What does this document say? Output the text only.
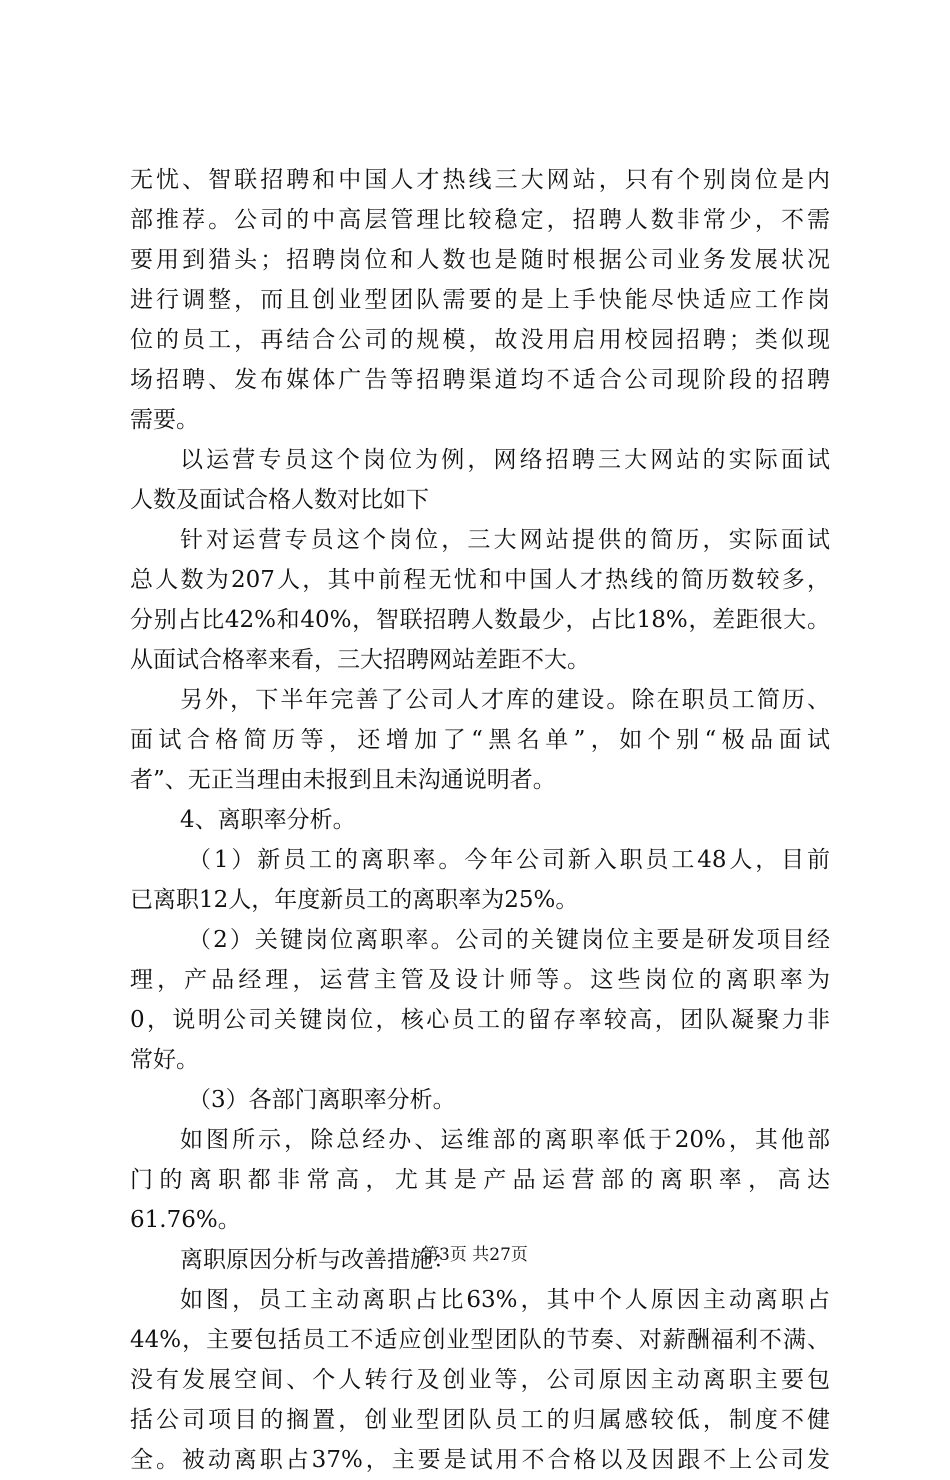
无忧、智联招聘和中国人才热线三大网站，只有个别岗位是内
部推荐。公司的中高层管理比较稳定，招聘人数非常少，不需
要用到猎头；招聘岗位和人数也是随时根据公司业务发展状况
进行调整，而且创业型团队需要的是上手快能尽快适应工作岗
位的员工，再结合公司的规模，故没用启用校园招聘；类似现
场招聘、发布媒体广告等招聘渠道均不适合公司现阶段的招聘
需要。
以运营专员这个岗位为例，网络招聘三大网站的实际面试
人数及面试合格人数对比如下
针对运营专员这个岗位，三大网站提供的简历，实际面试
总人数为207人，其中前程无忧和中国人才热线的简历数较多，
分别占比42%和40%，智联招聘人数最少，占比18%，差距很大。
从面试合格率来看，三大招聘网站差距不大。
另外，下半年完善了公司人才库的建设。除在职员工简历、
面试合格简历等，还增加了“黑名单”，如个别“极品面试
者”、无正当理由未报到且未沟通说明者。
4、离职率分析。
（1）新员工的离职率。今年公司新入职员工48人，目前
已离职12人，年度新员工的离职率为25%。
（2）关键岗位离职率。公司的关键岗位主要是研发项目经
理，产品经理，运营主管及设计师等。这些岗位的离职率为
0，说明公司关键岗位，核心员工的留存率较高，团队凝聚力非
常好。
（3）各部门离职率分析。
如图所示，除总经办、运维部的离职率低于20%，其他部
门的离职都非常高，尤其是产品运营部的离职率，高达
61.76%。
离职原因分析与改善措施：
如图，员工主动离职占比63%，其中个人原因主动离职占
44%，主要包括员工不适应创业型团队的节奏、对薪酬福利不满、
没有发展空间、个人转行及创业等，公司原因主动离职主要包
括公司项目的搁置，创业型团队员工的归属感较低，制度不健
全。被动离职占37%，主要是试用不合格以及因跟不上公司发
第3页 共27页
